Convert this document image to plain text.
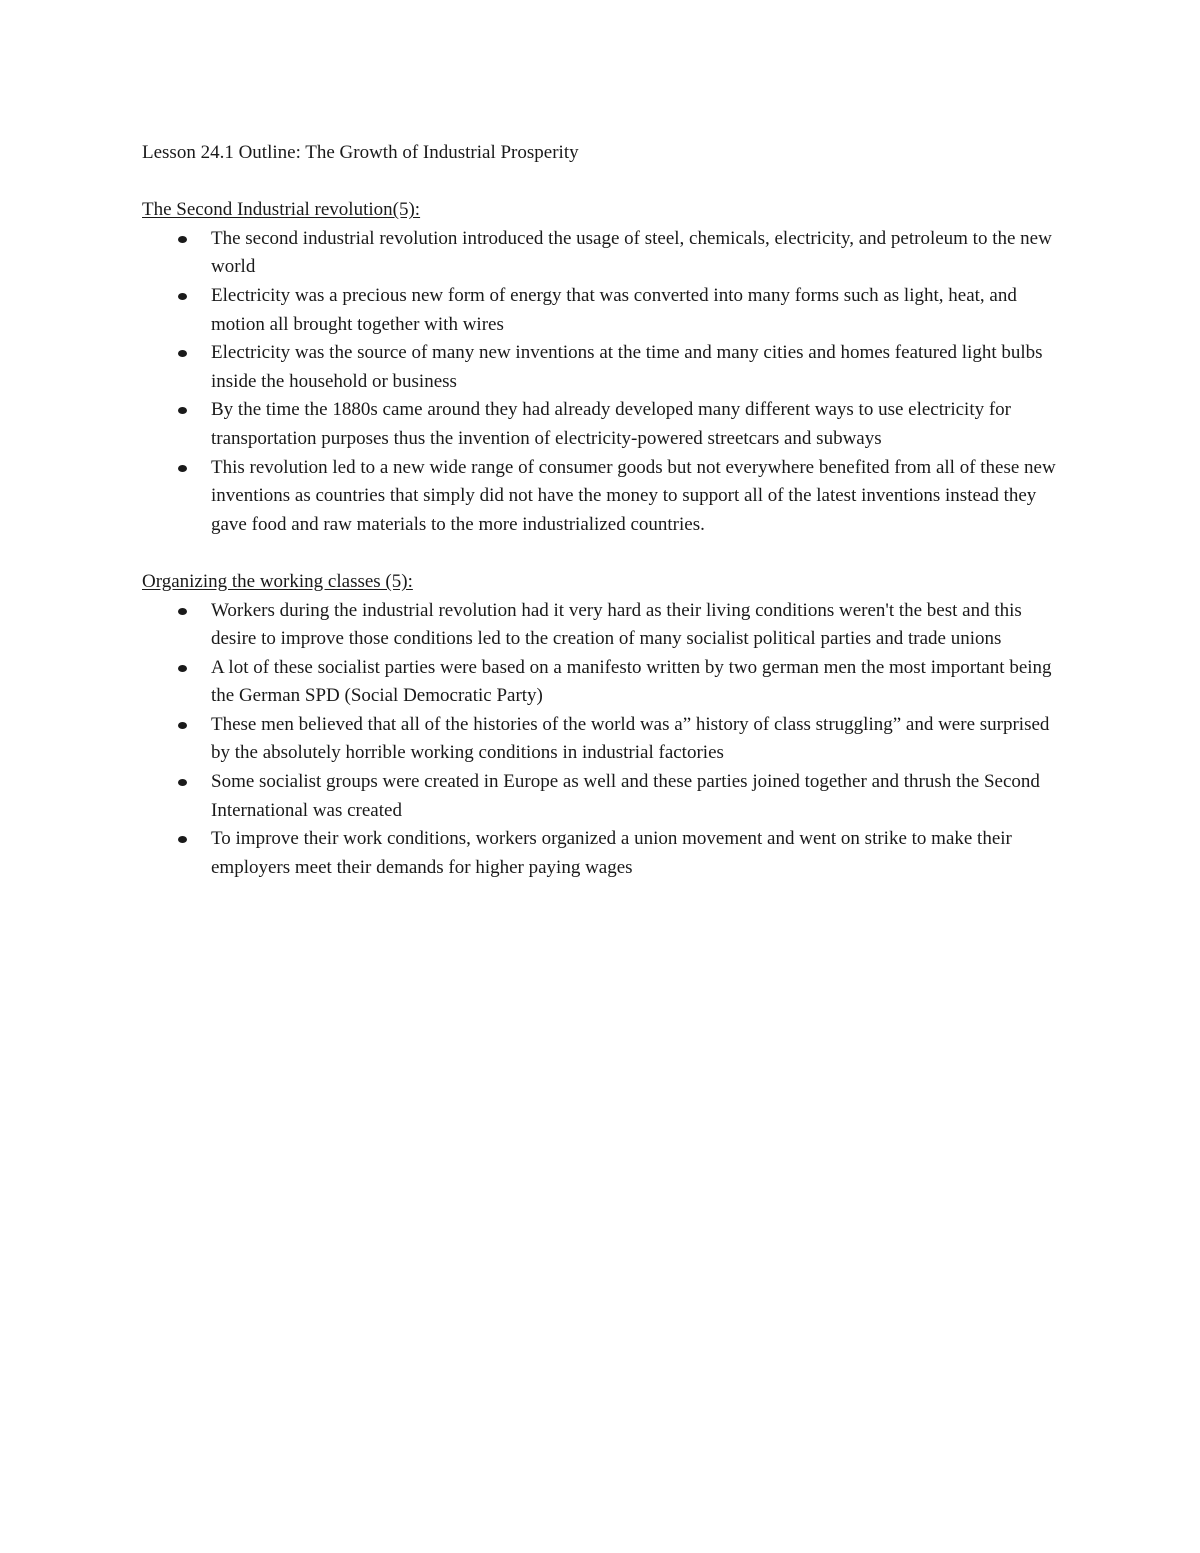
Lesson 24.1 Outline: The Growth of Industrial Prosperity
The Second Industrial revolution(5):
The second industrial revolution introduced the usage of steel, chemicals, electricity, and petroleum to the new world
Electricity was a precious new form of energy that was converted into many forms such as light, heat, and motion all brought together with wires
Electricity was the source of many new inventions at the time and many cities and homes featured light bulbs inside the household or business
By the time the 1880s came around they had already developed many different ways to use electricity for transportation purposes thus the invention of electricity-powered streetcars and subways
This revolution led to a new wide range of consumer goods but not everywhere benefited from all of these new inventions as countries that simply did not have the money to support all of the latest inventions instead they gave food and raw materials to the more industrialized countries.
Organizing the working classes (5):
Workers during the industrial revolution had it very hard as their living conditions weren't the best and this desire to improve those conditions led to the creation of many socialist political parties and trade unions
A lot of these socialist parties were based on a manifesto written by two german men the most important being the German SPD (Social Democratic Party)
These men believed that all of the histories of the world was a” history of class struggling” and were surprised by the absolutely horrible working conditions in industrial factories
Some socialist groups were created in Europe as well and these parties joined together and thrush the Second International was created
To improve their work conditions, workers organized a union movement and went on strike to make their employers meet their demands for higher paying wages
